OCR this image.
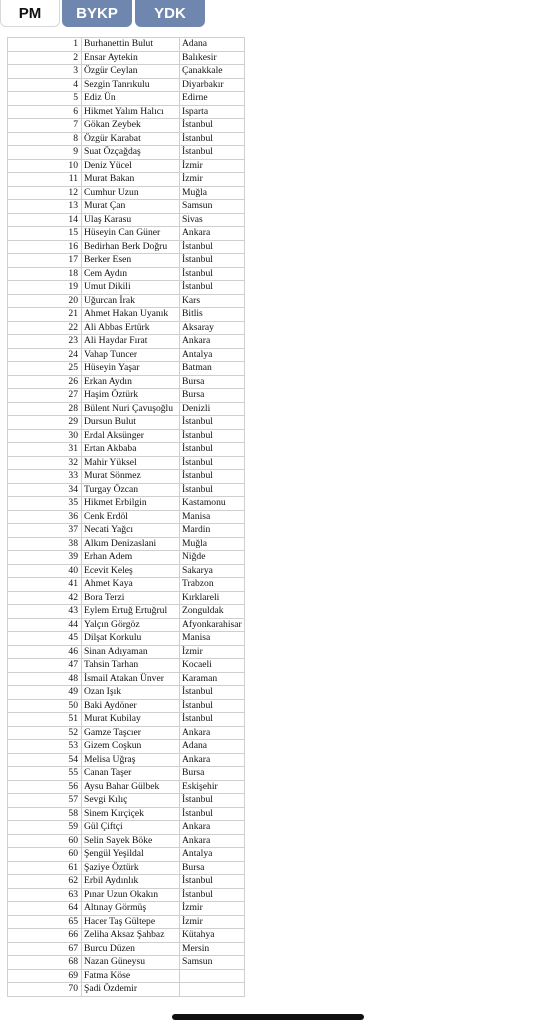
PM	BYKP	YDK
1	Burhanettin Bulut	Adana
2	Ensar Aytekin	Balıkesir
3	Özgür Ceylan	Çanakkale
4	Sezgin Tanrıkulu	Diyarbakır
5	Ediz Ün	Edirne
6	Hikmet Yalım Halıcı	Isparta
7	Gökan Zeybek	İstanbul
8	Özgür Karabat	İstanbul
9	Suat Özçağdaş	İstanbul
10	Deniz Yücel	İzmir
11	Murat Bakan	İzmir
12	Cumhur Uzun	Muğla
13	Murat Çan	Samsun
14	Ulaş Karasu	Sivas
15	Hüseyin Can Güner	Ankara
16	Bedirhan Berk Doğru	İstanbul
17	Berker Esen	İstanbul
18	Cem Aydın	İstanbul
19	Umut Dikili	İstanbul
20	Uğurcan İrak	Kars
21	Ahmet Hakan Uyanık	Bitlis
22	Ali Abbas Ertürk	Aksaray
23	Ali Haydar Fırat	Ankara
24	Vahap Tuncer	Antalya
25	Hüseyin Yaşar	Batman
26	Erkan Aydın	Bursa
27	Haşim Öztürk	Bursa
28	Bülent Nuri Çavuşoğlu	Denizli
29	Dursun Bulut	İstanbul
30	Erdal Aksünger	İstanbul
31	Ertan Akbaba	İstanbul
32	Mahir Yüksel	İstanbul
33	Murat Sönmez	İstanbul
34	Turgay Özcan	İstanbul
35	Hikmet Erbilgin	Kastamonu
36	Cenk Erdöl	Manisa
37	Necati Yağcı	Mardin
38	Alkım Denizaslani	Muğla
39	Erhan Adem	Niğde
40	Ecevit Keleş	Sakarya
41	Ahmet Kaya	Trabzon
42	Bora Terzi	Kırklareli
43	Eylem Ertuğ Ertuğrul	Zonguldak
44	Yalçın Görgöz	Afyonkarahisar
45	Dilşat Korkulu	Manisa
46	Sinan Adıyaman	İzmir
47	Tahsin Tarhan	Kocaeli
48	İsmail Atakan Ünver	Karaman
49	Ozan Işık	İstanbul
50	Baki Aydöner	İstanbul
51	Murat Kubilay	İstanbul
52	Gamze Taşcıer	Ankara
53	Gizem Coşkun	Adana
54	Melisa Uğraş	Ankara
55	Canan Taşer	Bursa
56	Aysu Bahar Gülbek	Eskişehir
57	Sevgi Kılıç	İstanbul
58	Sinem Kırçiçek	İstanbul
59	Gül Çiftçi	Ankara
60	Selin Sayek Böke	Ankara
60	Şengül Yeşildal	Antalya
61	Şaziye Öztürk	Bursa
62	Erbil Aydınlık	İstanbul
63	Pınar Uzun Okakın	İstanbul
64	Altınay Görmüş	İzmir
65	Hacer Taş Gültepe	İzmir
66	Zeliha Aksaz Şahbaz	Kütahya
67	Burcu Düzen	Mersin
68	Nazan Güneysu	Samsun
69	Fatma Köse	
70	Şadi Özdemir	
